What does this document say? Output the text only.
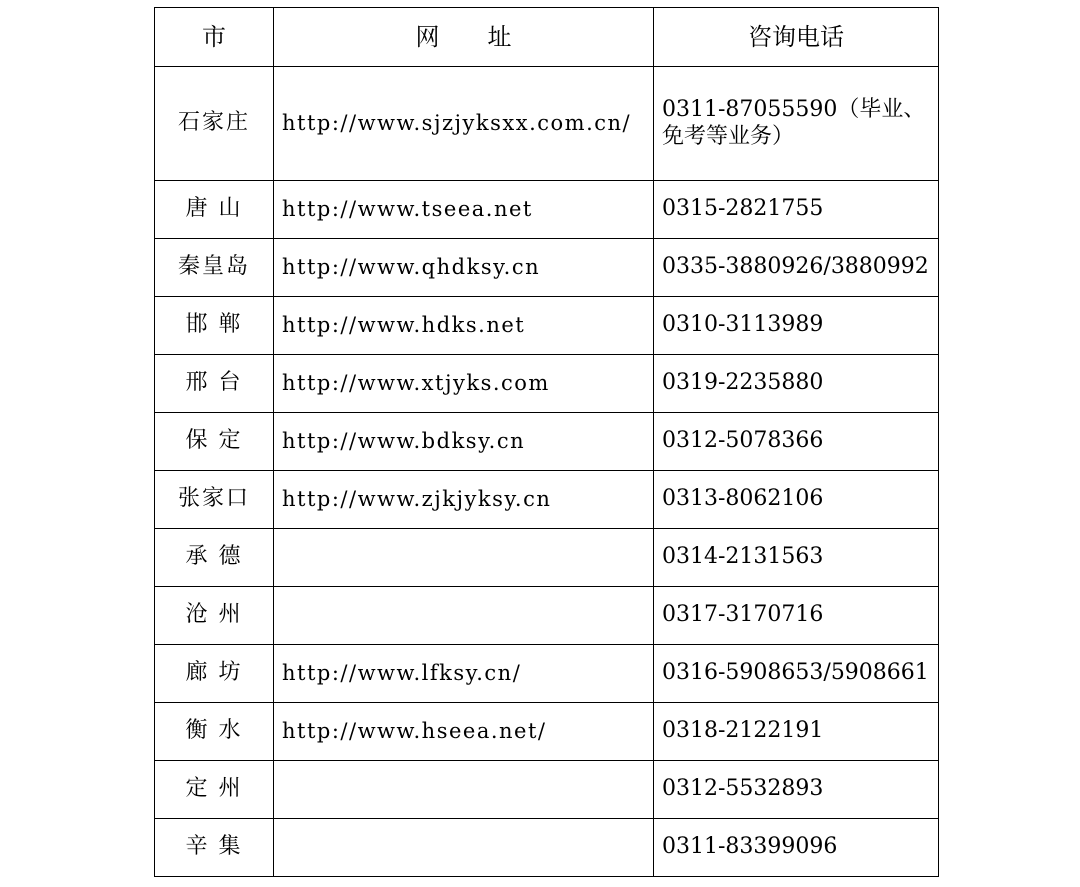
市	网　　址	咨询电话
石家庄	http://www.sjzjyksxx.com.cn/	0311-87055590（毕业、免考等业务）
唐 山	http://www.tseea.net	0315-2821755
秦皇岛	http://www.qhdksy.cn	0335-3880926/3880992
邯 郸	http://www.hdks.net	0310-3113989
邢 台	http://www.xtjyks.com	0319-2235880
保 定	http://www.bdksy.cn	0312-5078366
张家口	http://www.zjkjyksy.cn	0313-8062106
承 德		0314-2131563
沧 州		0317-3170716
廊 坊	http://www.lfksy.cn/	0316-5908653/5908661
衡 水	http://www.hseea.net/	0318-2122191
定 州		0312-5532893
辛 集		0311-83399096
